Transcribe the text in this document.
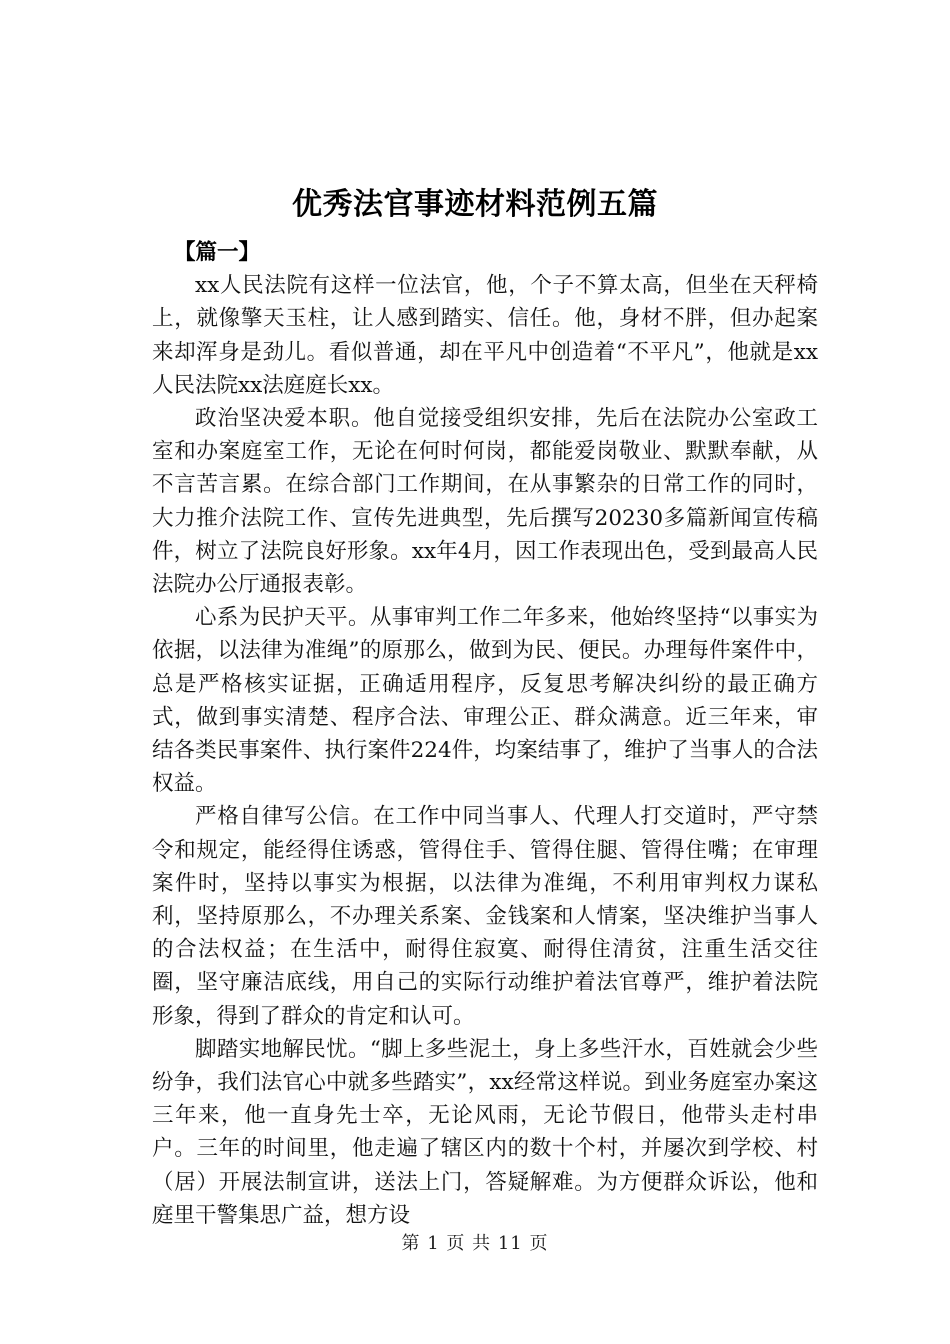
优秀法官事迹材料范例五篇

【篇一】

xx人民法院有这样一位法官，他，个子不算太高，但坐在天秤椅上，就像擎天玉柱，让人感到踏实、信任。他，身材不胖，但办起案来却浑身是劲儿。看似普通，却在平凡中创造着“不平凡”，他就是xx人民法院xx法庭庭长xx。

政治坚决爱本职。他自觉接受组织安排，先后在法院办公室政工室和办案庭室工作，无论在何时何岗，都能爱岗敬业、默默奉献，从不言苦言累。在综合部门工作期间，在从事繁杂的日常工作的同时，大力推介法院工作、宣传先进典型，先后撰写20230多篇新闻宣传稿件，树立了法院良好形象。xx年4月，因工作表现出色，受到最高人民法院办公厅通报表彰。

心系为民护天平。从事审判工作二年多来，他始终坚持“以事实为依据，以法律为准绳”的原那么，做到为民、便民。办理每件案件中，总是严格核实证据，正确适用程序，反复思考解决纠纷的最正确方式，做到事实清楚、程序合法、审理公正、群众满意。近三年来，审结各类民事案件、执行案件224件，均案结事了，维护了当事人的合法权益。

严格自律写公信。在工作中同当事人、代理人打交道时，严守禁令和规定，能经得住诱惑，管得住手、管得住腿、管得住嘴；在审理案件时，坚持以事实为根据，以法律为准绳，不利用审判权力谋私利，坚持原那么，不办理关系案、金钱案和人情案，坚决维护当事人的合法权益；在生活中，耐得住寂寞、耐得住清贫，注重生活交往圈，坚守廉洁底线，用自己的实际行动维护着法官尊严，维护着法院形象，得到了群众的肯定和认可。

脚踏实地解民忧。“脚上多些泥土，身上多些汗水，百姓就会少些纷争，我们法官心中就多些踏实”，xx经常这样说。到业务庭室办案这三年来，他一直身先士卒，无论风雨，无论节假日，他带头走村串户。三年的时间里，他走遍了辖区内的数十个村，并屡次到学校、村（居）开展法制宣讲，送法上门，答疑解难。为方便群众诉讼，他和庭里干警集思广益，想方设

第 1 页 共 11 页
